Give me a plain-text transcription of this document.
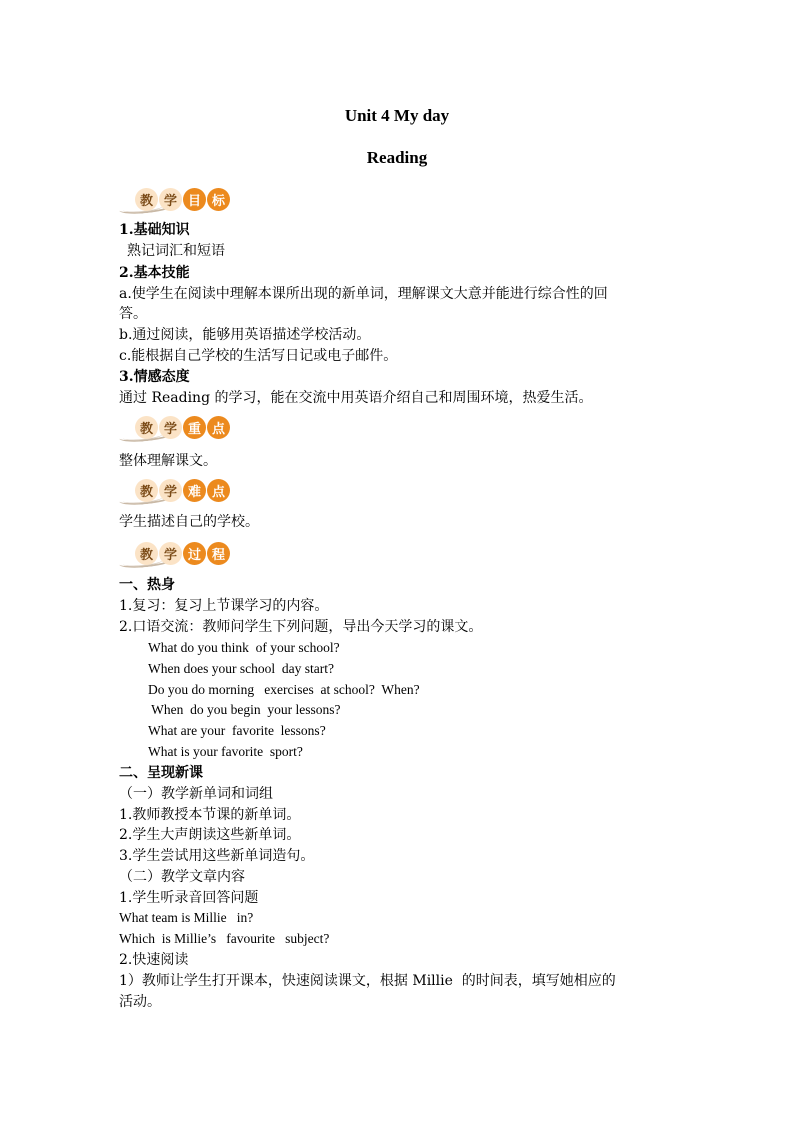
Unit 4 My day
Reading
教 学 目 标
1.基础知识
熟记词汇和短语
2.基本技能
a.使学生在阅读中理解本课所出现的新单词，理解课文大意并能进行综合性的回
答。
b.通过阅读，能够用英语描述学校活动。
c.能根据自己学校的生活写日记或电子邮件。
3.情感态度
通过 Reading 的学习，能在交流中用英语介绍自己和周围环境，热爱生活。
教 学 重 点
整体理解课文。
教 学 难 点
学生描述自己的学校。
教 学 过 程
一、热身
1.复习：复习上节课学习的内容。
2.口语交流：教师问学生下列问题，导出今天学习的课文。
What do you think  of your school?
When does your school  day start?
Do you do morning   exercises  at school?  When?
When  do you begin  your lessons?
What are your  favorite  lessons?
What is your favorite  sport?
二、呈现新课
（一）教学新单词和词组
1.教师教授本节课的新单词。
2.学生大声朗读这些新单词。
3.学生尝试用这些新单词造句。
（二）教学文章内容
1.学生听录音回答问题
What team is Millie   in?
Which  is Millie’s   favourite   subject?
2.快速阅读
1）教师让学生打开课本，快速阅读课文，根据 Millie  的时间表，填写她相应的
活动。
